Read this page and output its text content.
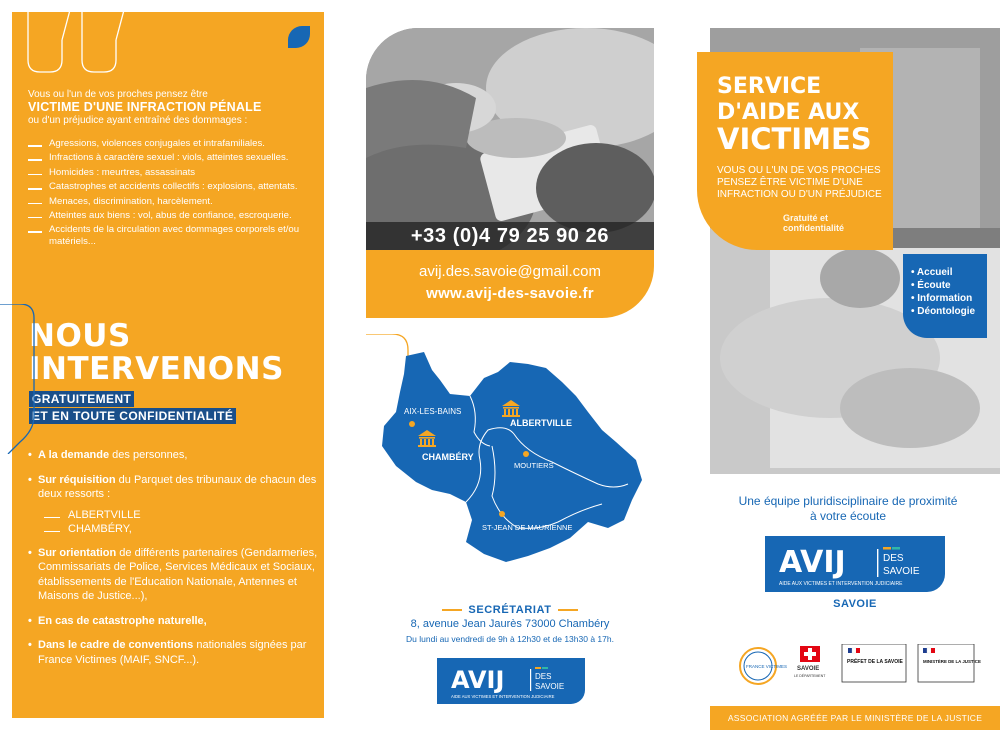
Vous ou l'un de vos proches pensez être
VICTIME D'UNE INFRACTION PÉNALE
ou d'un préjudice ayant entraîné des dommages :
Agressions, violences conjugales et intrafamiliales.
Infractions à caractère sexuel : viols, atteintes sexuelles.
Homicides : meurtres, assassinats
Catastrophes et accidents collectifs : explosions, attentats.
Menaces, discrimination, harcèlement.
Atteintes aux biens : vol, abus de confiance, escroquerie.
Accidents de la circulation avec dommages corporels et/ou matériels...
NOUS
INTERVENONS
GRATUITEMENT
ET EN TOUTE CONFIDENTIALITÉ
• A la demande des personnes,
• Sur réquisition du Parquet des tribunaux de chacun des deux ressorts :
ALBERTVILLE
CHAMBÉRY,
• Sur orientation de différents partenaires (Gendarmeries, Commissariats de Police, Services Médicaux et Sociaux, établissements de l'Education Nationale, Antennes et Maisons de Justice...),
• En cas de catastrophe naturelle,
• Dans le cadre de conventions nationales signées par France Victimes (MAIF, SNCF...).
+33 (0)4 79 25 90 26
avij.des.savoie@gmail.com
www.avij-des-savoie.fr
AIX-LES-BAINS
CHAMBÉRY
ALBERTVILLE
MOUTIERS
ST-JEAN DE MAURIENNE
SECRÉTARIAT
8, avenue Jean Jaurès 73000 Chambéry
Du lundi au vendredi de 9h à 12h30 et de 13h30 à 17h.
AVIJ	DES
SAVOIE
AIDE AUX VICTIMES ET INTERVENTION JUDICIAIRE
SERVICE
D'AIDE AUX
VICTIMES
VOUS OU L'UN DE VOS PROCHES PENSEZ ÊTRE VICTIME D'UNE INFRACTION OU D'UN PRÉJUDICE
Gratuité et confidentialité
• Accueil
• Écoute
• Information
• Déontologie
Une équipe pluridisciplinaire de proximité
à votre écoute
AVIJ	DES
SAVOIE
AIDE AUX VICTIMES ET INTERVENTION JUDICIAIRE
SAVOIE
FRANCE VICTIMES SAVOIE
LE DÉPARTEMENT
PRÉFET DE LA SAVOIE	MINISTÈRE DE LA JUSTICE
ASSOCIATION AGRÉÉE PAR LE MINISTÈRE DE LA JUSTICE
